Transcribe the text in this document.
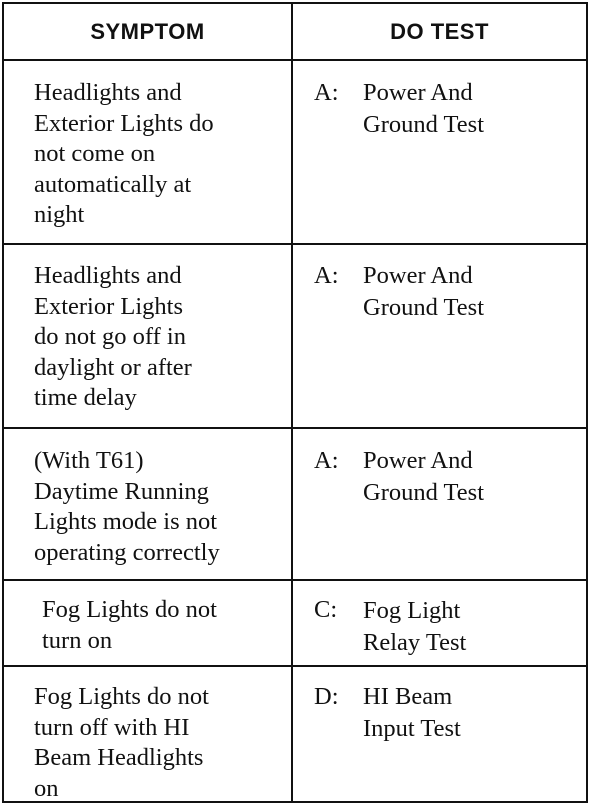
SYMPTOM	DO TEST
Headlights and
Exterior Lights do
not come on
automatically at
night
A: Power And
Ground Test
Headlights and
Exterior Lights
do not go off in
daylight or after
time delay
A: Power And
Ground Test
(With T61)
Daytime Running
Lights mode is not
operating correctly
A: Power And
Ground Test
Fog Lights do not
turn on
C: Fog Light
Relay Test
Fog Lights do not
turn off with HI
Beam Headlights
on
D: HI Beam
Input Test
